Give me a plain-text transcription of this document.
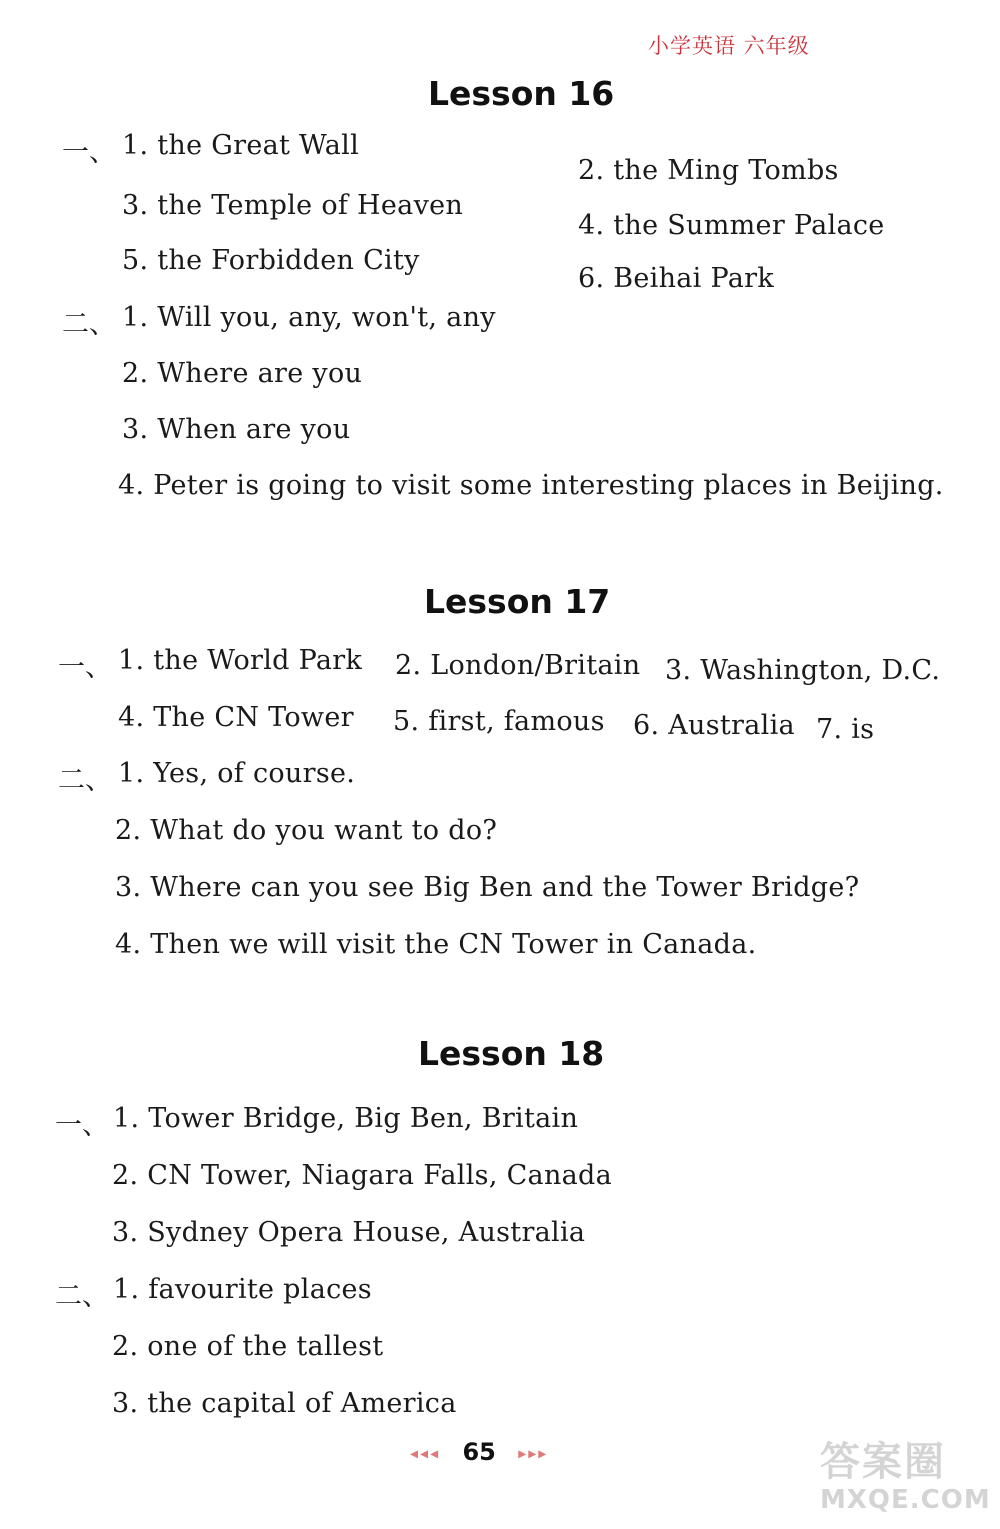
小学英语 六年级
Lesson 16
一、 1. the Great Wall
2. the Ming Tombs
3. the Temple of Heaven
4. the Summer Palace
5. the Forbidden City
6. Beihai Park
二、 1. Will you, any, won't, any
2. Where are you
3. When are you
4. Peter is going to visit some interesting places in Beijing.
Lesson 17
一、 1. the World Park 2. London/Britain 3. Washington, D.C.
4. The CN Tower 5. first, famous 6. Australia 7. is
二、 1. Yes, of course.
2. What do you want to do?
3. Where can you see Big Ben and the Tower Bridge?
4. Then we will visit the CN Tower in Canada.
Lesson 18
一、 1. Tower Bridge, Big Ben, Britain
2. CN Tower, Niagara Falls, Canada
3. Sydney Opera House, Australia
二、 1. favourite places
2. one of the tallest
3. the capital of America
◂◂◂ 65 ▸▸▸	答案圈
MXQE.COM
